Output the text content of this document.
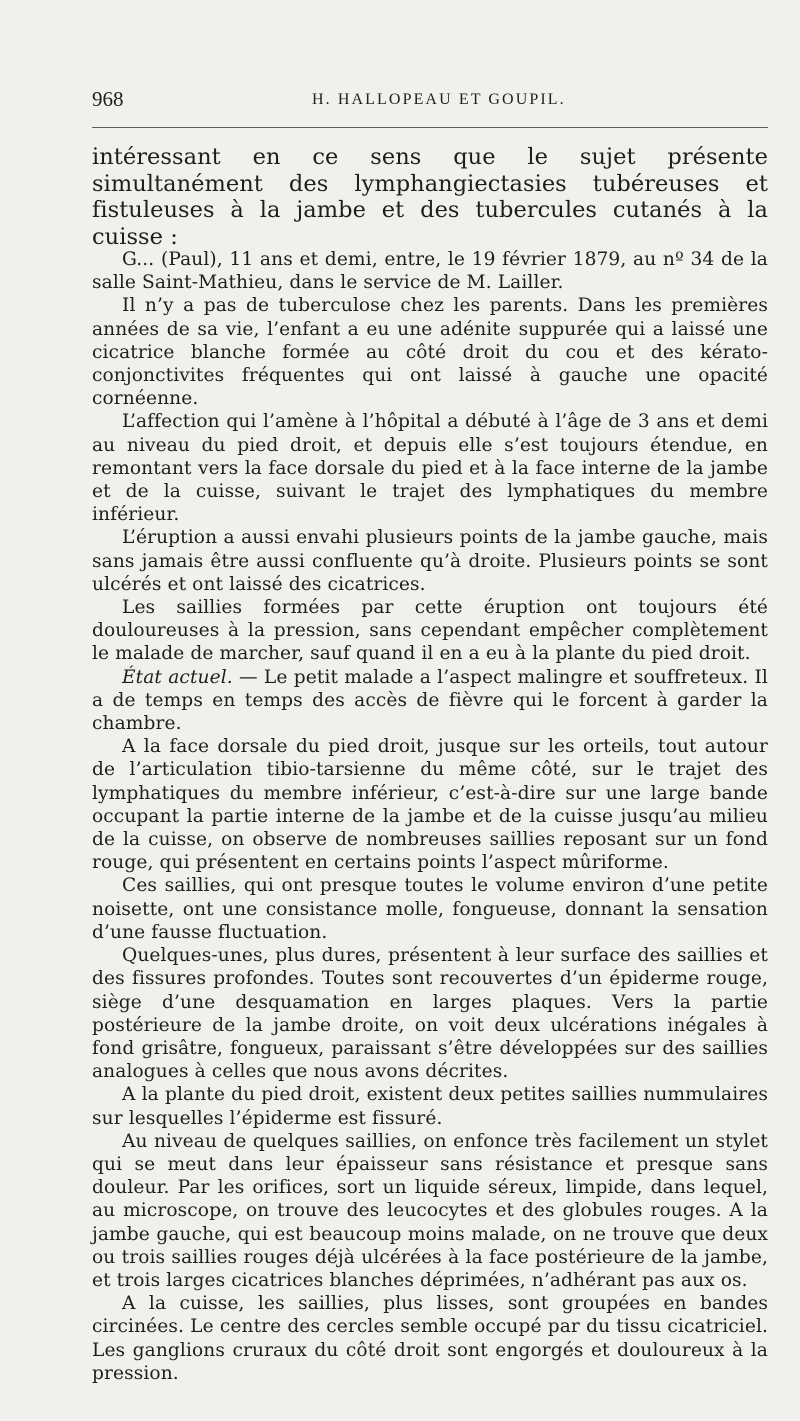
968	H. HALLOPEAU ET GOUPIL.

intéressant en ce sens que le sujet présente simultanément des lymphangiectasies tubéreuses et fistuleuses à la jambe et des tubercules cutanés à la cuisse :

G... (Paul), 11 ans et demi, entre, le 19 février 1879, au nº 34 de la salle Saint-Mathieu, dans le service de M. Lailler.

Il n’y a pas de tuberculose chez les parents. Dans les premières années de sa vie, l’enfant a eu une adénite suppurée qui a laissé une cicatrice blanche formée au côté droit du cou et des kérato-conjonctivites fréquentes qui ont laissé à gauche une opacité cornéenne.

L’affection qui l’amène à l’hôpital a débuté à l’âge de 3 ans et demi au niveau du pied droit, et depuis elle s’est toujours étendue, en remontant vers la face dorsale du pied et à la face interne de la jambe et de la cuisse, suivant le trajet des lymphatiques du membre inférieur.

L’éruption a aussi envahi plusieurs points de la jambe gauche, mais sans jamais être aussi confluente qu’à droite. Plusieurs points se sont ulcérés et ont laissé des cicatrices.

Les saillies formées par cette éruption ont toujours été douloureuses à la pression, sans cependant empêcher complètement le malade de marcher, sauf quand il en a eu à la plante du pied droit.

État actuel. — Le petit malade a l’aspect malingre et souffreteux. Il a de temps en temps des accès de fièvre qui le forcent à garder la chambre.

A la face dorsale du pied droit, jusque sur les orteils, tout autour de l’articulation tibio-tarsienne du même côté, sur le trajet des lymphatiques du membre inférieur, c’est-à-dire sur une large bande occupant la partie interne de la jambe et de la cuisse jusqu’au milieu de la cuisse, on observe de nombreuses saillies reposant sur un fond rouge, qui présentent en certains points l’aspect mûriforme.

Ces saillies, qui ont presque toutes le volume environ d’une petite noisette, ont une consistance molle, fongueuse, donnant la sensation d’une fausse fluctuation.

Quelques-unes, plus dures, présentent à leur surface des saillies et des fissures profondes. Toutes sont recouvertes d’un épiderme rouge, siège d’une desquamation en larges plaques. Vers la partie postérieure de la jambe droite, on voit deux ulcérations inégales à fond grisâtre, fongueux, paraissant s’être développées sur des saillies analogues à celles que nous avons décrites.

A la plante du pied droit, existent deux petites saillies nummulaires sur lesquelles l’épiderme est fissuré.

Au niveau de quelques saillies, on enfonce très facilement un stylet qui se meut dans leur épaisseur sans résistance et presque sans douleur. Par les orifices, sort un liquide séreux, limpide, dans lequel, au microscope, on trouve des leucocytes et des globules rouges. A la jambe gauche, qui est beaucoup moins malade, on ne trouve que deux ou trois saillies rouges déjà ulcérées à la face postérieure de la jambe, et trois larges cicatrices blanches déprimées, n’adhérant pas aux os.

A la cuisse, les saillies, plus lisses, sont groupées en bandes circinées. Le centre des cercles semble occupé par du tissu cicatriciel. Les ganglions cruraux du côté droit sont engorgés et douloureux à la pression.
